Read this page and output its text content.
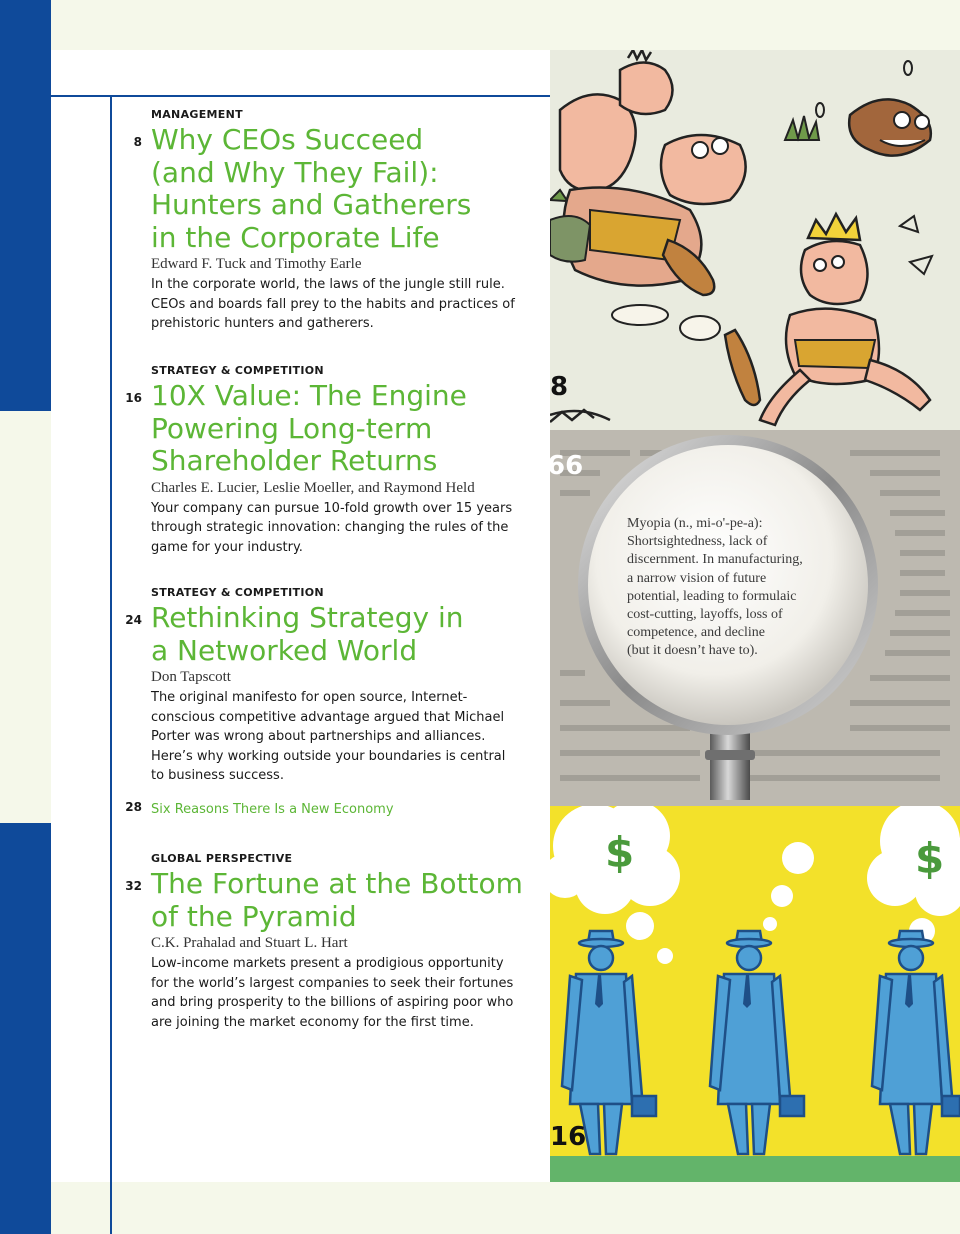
MANAGEMENT
8 Why CEOs Succeed
(and Why They Fail):
Hunters and Gatherers
in the Corporate Life
Edward F. Tuck and Timothy Earle
In the corporate world, the laws of the jungle still rule.
CEOs and boards fall prey to the habits and practices of
prehistoric hunters and gatherers.
STRATEGY & COMPETITION
16 10X Value: The Engine
Powering Long-term
Shareholder Returns
Charles E. Lucier, Leslie Moeller, and Raymond Held
Your company can pursue 10-fold growth over 15 years
through strategic innovation: changing the rules of the
game for your industry.
STRATEGY & COMPETITION
24 Rethinking Strategy in
a Networked World
Don Tapscott
The original manifesto for open source, Internet-
conscious competitive advantage argued that Michael
Porter was wrong about partnerships and alliances.
Here’s why working outside your boundaries is central
to business success.
28 Six Reasons There Is a New Economy
GLOBAL PERSPECTIVE
32 The Fortune at the Bottom
of the Pyramid
C.K. Prahalad and Stuart L. Hart
Low-income markets present a prodigious opportunity
for the world’s largest companies to seek their fortunes
and bring prosperity to the billions of aspiring poor who
are joining the market economy for the first time.
8
Myopia (n., mi-o'-pe-a):
Shortsightedness, lack of
discernment. In manufacturing,
a narrow vision of future
potential, leading to formulaic
cost-cutting, layoffs, loss of
competence, and decline
(but it doesn’t have to).
66
$	$
16
